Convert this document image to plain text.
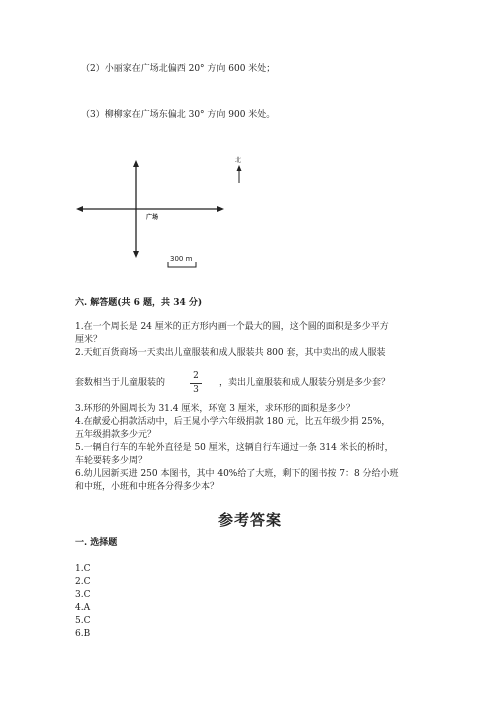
（2）小丽家在广场北偏西 20° 方向 600 米处；
（3）柳柳家在广场东偏北 30° 方向 900 米处。
广场
北
300 m
六. 解答题(共 6 题，共 34 分)
1.在一个周长是 24 厘米的正方形内画一个最大的圆，这个圆的面积是多少平方
厘米？
2.天虹百货商场一天卖出儿童服装和成人服装共 800 套，其中卖出的成人服装
套数相当于儿童服装的
2
3
，卖出儿童服装和成人服装分别是多少套？
3.环形的外圆周长为 31.4 厘米，环宽 3 厘米，求环形的面积是多少？
4.在献爱心捐款活动中，后王晁小学六年级捐款 180 元，比五年级少捐 25%，
五年级捐款多少元？
5.一辆自行车的车轮外直径是 50 厘米，这辆自行车通过一条 314 米长的桥时，
车轮要转多少周？
6.幼儿园新买进 250 本图书，其中 40%给了大班，剩下的图书按 7：8 分给小班
和中班，小班和中班各分得多少本？
参考答案
一. 选择题
1.C
2.C
3.C
4.A
5.C
6.B
